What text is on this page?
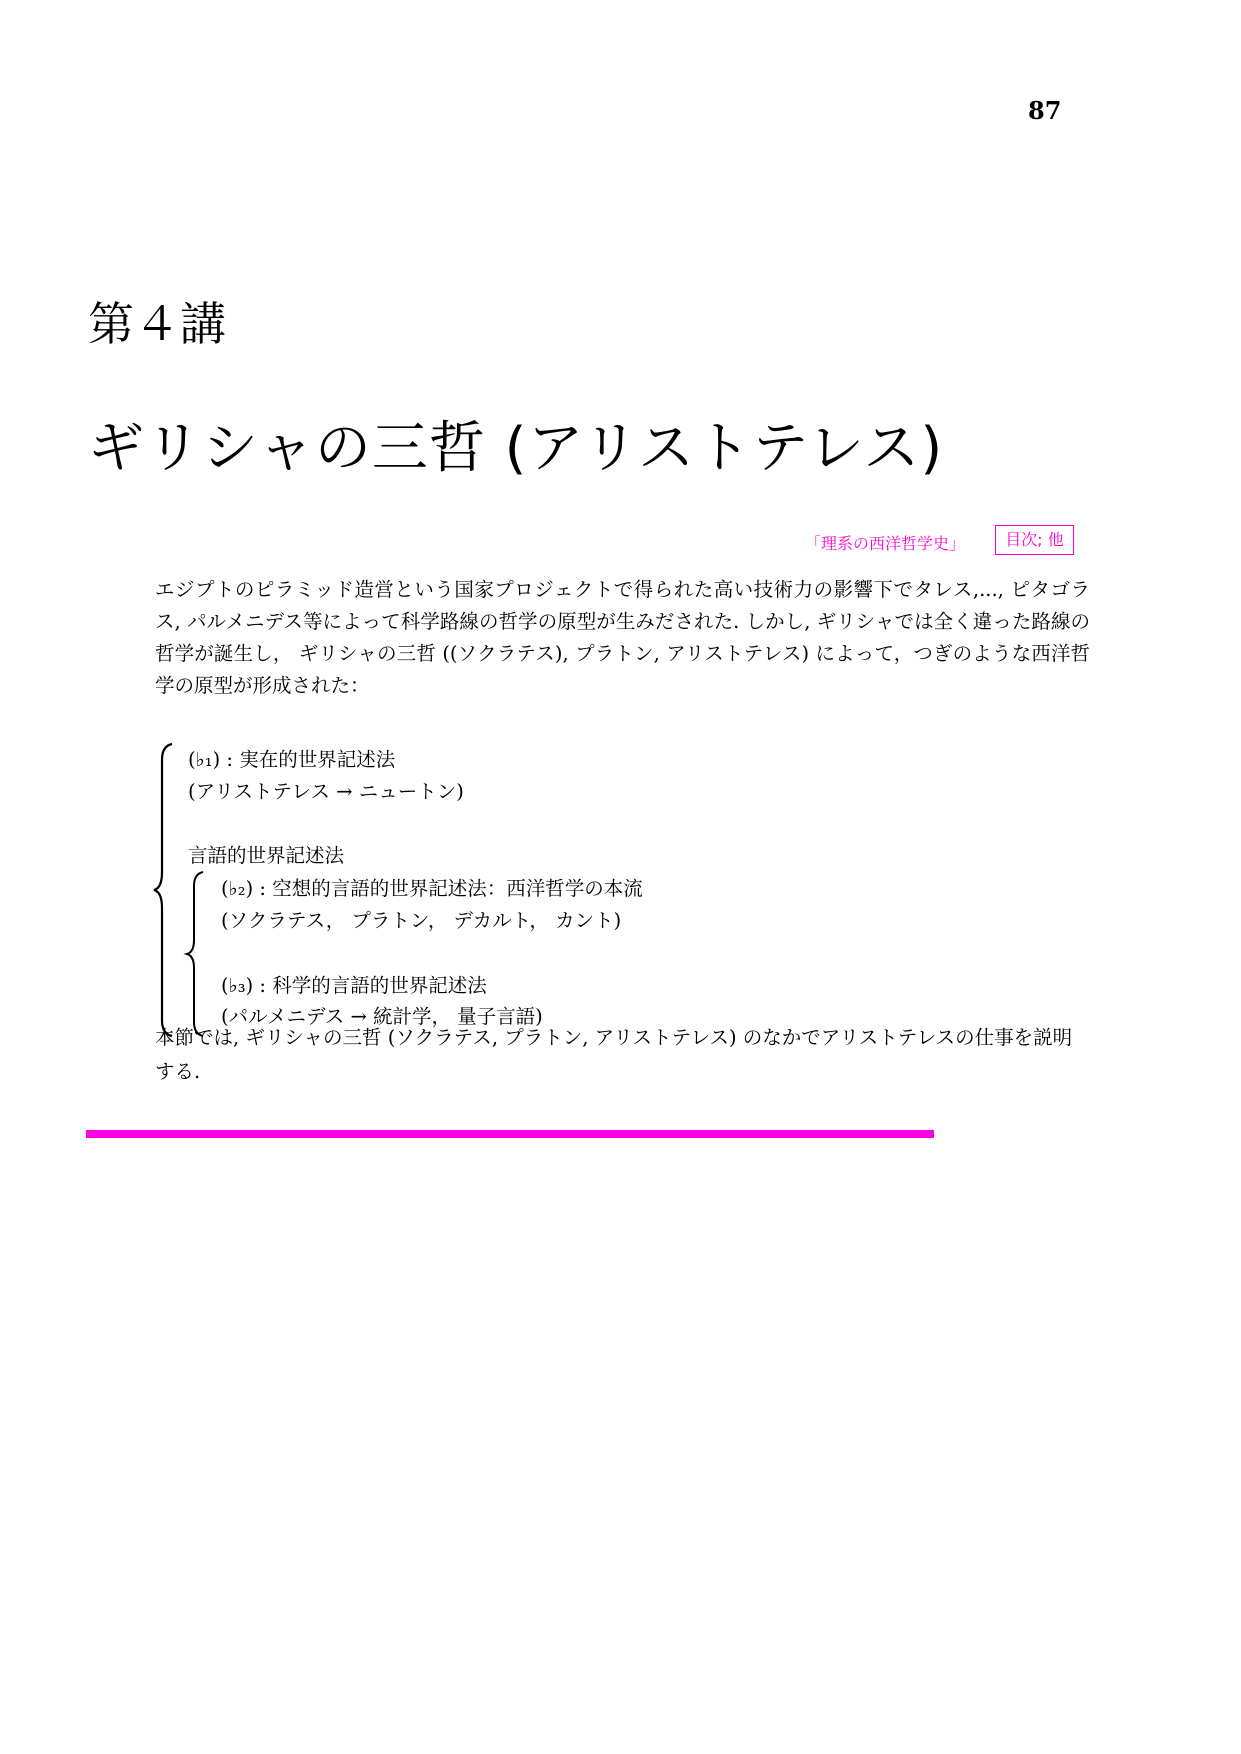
87
第４講
ギリシャの三哲 (アリストテレス)
「理系の西洋哲学史」	目次; 他
エジプトのピラミッド造営という国家プロジェクトで得られた高い技術力の影響下でタレス,..., ピタゴラス, パルメニデス等によって科学路線の哲学の原型が生みだされた. しかし, ギリシャでは全く違った路線の哲学が誕生し， ギリシャの三哲 ((ソクラテス), プラトン, アリストテレス) によって，つぎのような西洋哲学の原型が形成された：
(♭₁) : 実在的世界記述法
(アリストテレス → ニュートン)
言語的世界記述法
(♭₂) : 空想的言語的世界記述法：西洋哲学の本流
(ソクラテス， プラトン， デカルト， カント)
(♭₃) : 科学的言語的世界記述法
(パルメニデス → 統計学， 量子言語)
本節では, ギリシャの三哲 (ソクラテス, プラトン, アリストテレス) のなかでアリストテレスの仕事を説明する.
